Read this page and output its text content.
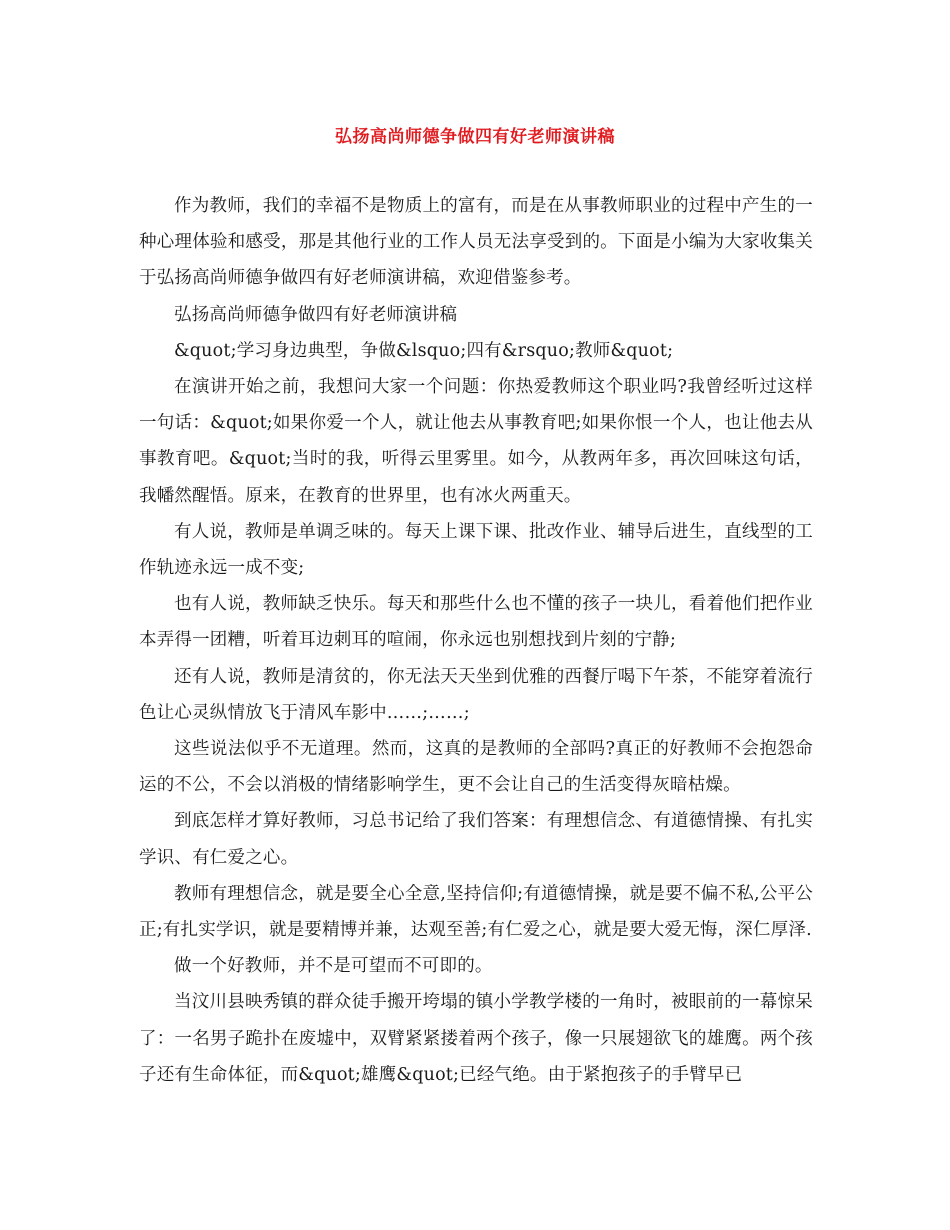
弘扬高尚师德争做四有好老师演讲稿

作为教师，我们的幸福不是物质上的富有，而是在从事教师职业的过程中产生的一种心理体验和感受，那是其他行业的工作人员无法享受到的。下面是小编为大家收集关于弘扬高尚师德争做四有好老师演讲稿，欢迎借鉴参考。

弘扬高尚师德争做四有好老师演讲稿

&quot;学习身边典型，争做&lsquo;四有&rsquo;教师&quot;

在演讲开始之前，我想问大家一个问题：你热爱教师这个职业吗?我曾经听过这样一句话：&quot;如果你爱一个人，就让他去从事教育吧;如果你恨一个人，也让他去从事教育吧。&quot;当时的我，听得云里雾里。如今，从教两年多，再次回味这句话，我幡然醒悟。原来，在教育的世界里，也有冰火两重天。

有人说，教师是单调乏味的。每天上课下课、批改作业、辅导后进生，直线型的工作轨迹永远一成不变;

也有人说，教师缺乏快乐。每天和那些什么也不懂的孩子一块儿，看着他们把作业本弄得一团糟，听着耳边刺耳的喧闹，你永远也别想找到片刻的宁静;

还有人说，教师是清贫的，你无法天天坐到优雅的西餐厅喝下午茶，不能穿着流行色让心灵纵情放飞于清风车影中……;……;

这些说法似乎不无道理。然而，这真的是教师的全部吗?真正的好教师不会抱怨命运的不公，不会以消极的情绪影响学生，更不会让自己的生活变得灰暗枯燥。

到底怎样才算好教师，习总书记给了我们答案：有理想信念、有道德情操、有扎实学识、有仁爱之心。

教师有理想信念，就是要全心全意,坚持信仰;有道德情操，就是要不偏不私,公平公正;有扎实学识，就是要精博并兼，达观至善;有仁爱之心，就是要大爱无悔，深仁厚泽.

做一个好教师，并不是可望而不可即的。

当汶川县映秀镇的群众徒手搬开垮塌的镇小学教学楼的一角时，被眼前的一幕惊呆了：一名男子跪扑在废墟中，双臂紧紧搂着两个孩子，像一只展翅欲飞的雄鹰。两个孩子还有生命体征，而&quot;雄鹰&quot;已经气绝。由于紧抱孩子的手臂早已
